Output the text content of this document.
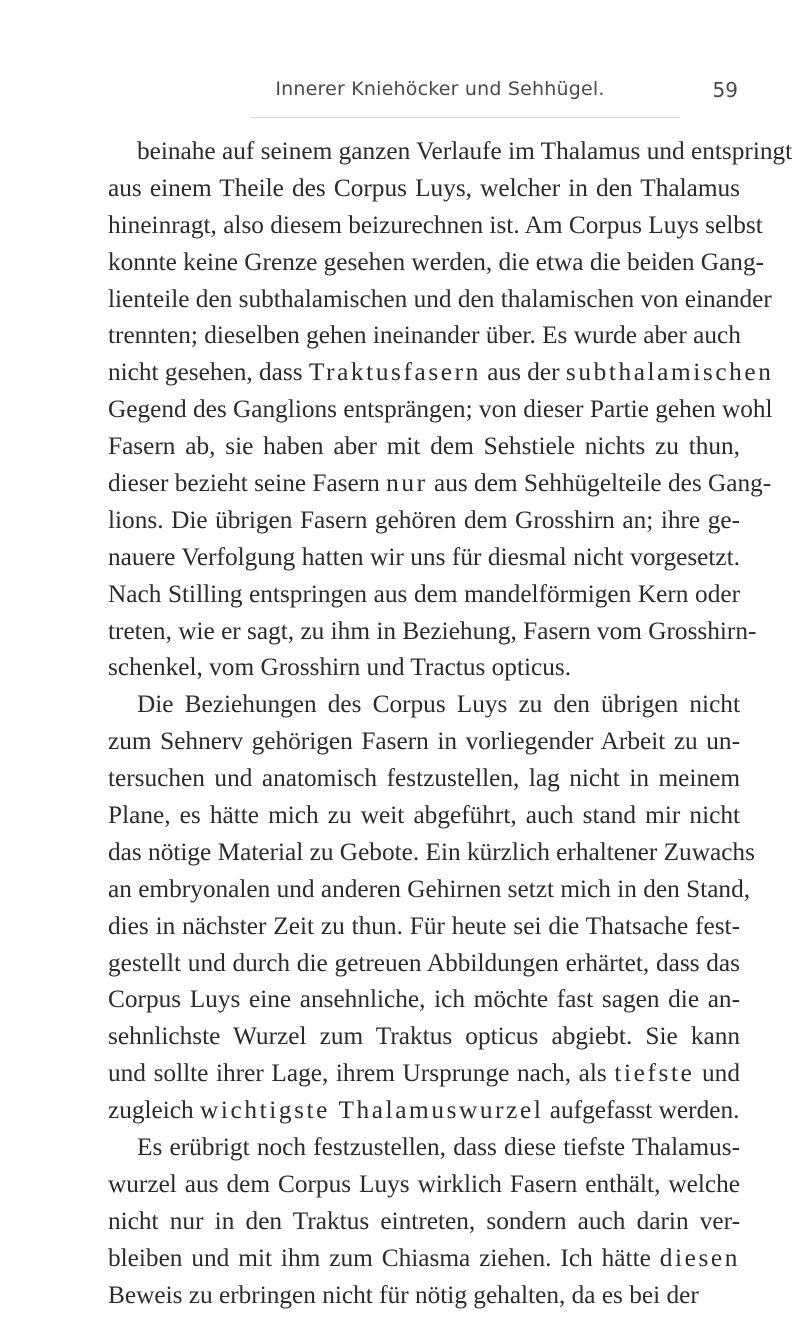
Innerer Kniehöcker und Sehhügel.	59
beinahe auf seinem ganzen Verlaufe im Thalamus und entspringt
aus einem Theile des Corpus Luys, welcher in den Thalamus
hineinragt, also diesem beizurechnen ist. Am Corpus Luys selbst
konnte keine Grenze gesehen werden, die etwa die beiden Gang-
lienteile den subthalamischen und den thalamischen von einander
trennten; dieselben gehen ineinander über. Es wurde aber auch
nicht gesehen, dass Traktusfasern aus der subthalamischen
Gegend des Ganglions entsprängen; von dieser Partie gehen wohl
Fasern ab, sie haben aber mit dem Sehstiele nichts zu thun,
dieser bezieht seine Fasern nur aus dem Sehhügelteile des Gang-
lions. Die übrigen Fasern gehören dem Grosshirn an; ihre ge-
nauere Verfolgung hatten wir uns für diesmal nicht vorgesetzt.
Nach Stilling entspringen aus dem mandelförmigen Kern oder
treten, wie er sagt, zu ihm in Beziehung, Fasern vom Grosshirn-
schenkel, vom Grosshirn und Tractus opticus.
Die Beziehungen des Corpus Luys zu den übrigen nicht
zum Sehnerv gehörigen Fasern in vorliegender Arbeit zu un-
tersuchen und anatomisch festzustellen, lag nicht in meinem
Plane, es hätte mich zu weit abgeführt, auch stand mir nicht
das nötige Material zu Gebote. Ein kürzlich erhaltener Zuwachs
an embryonalen und anderen Gehirnen setzt mich in den Stand,
dies in nächster Zeit zu thun. Für heute sei die Thatsache fest-
gestellt und durch die getreuen Abbildungen erhärtet, dass das
Corpus Luys eine ansehnliche, ich möchte fast sagen die an-
sehnlichste Wurzel zum Traktus opticus abgiebt. Sie kann
und sollte ihrer Lage, ihrem Ursprunge nach, als tiefste und
zugleich wichtigste Thalamuswurzel aufgefasst werden.
Es erübrigt noch festzustellen, dass diese tiefste Thalamus-
wurzel aus dem Corpus Luys wirklich Fasern enthält, welche
nicht nur in den Traktus eintreten, sondern auch darin ver-
bleiben und mit ihm zum Chiasma ziehen. Ich hätte diesen
Beweis zu erbringen nicht für nötig gehalten, da es bei der
